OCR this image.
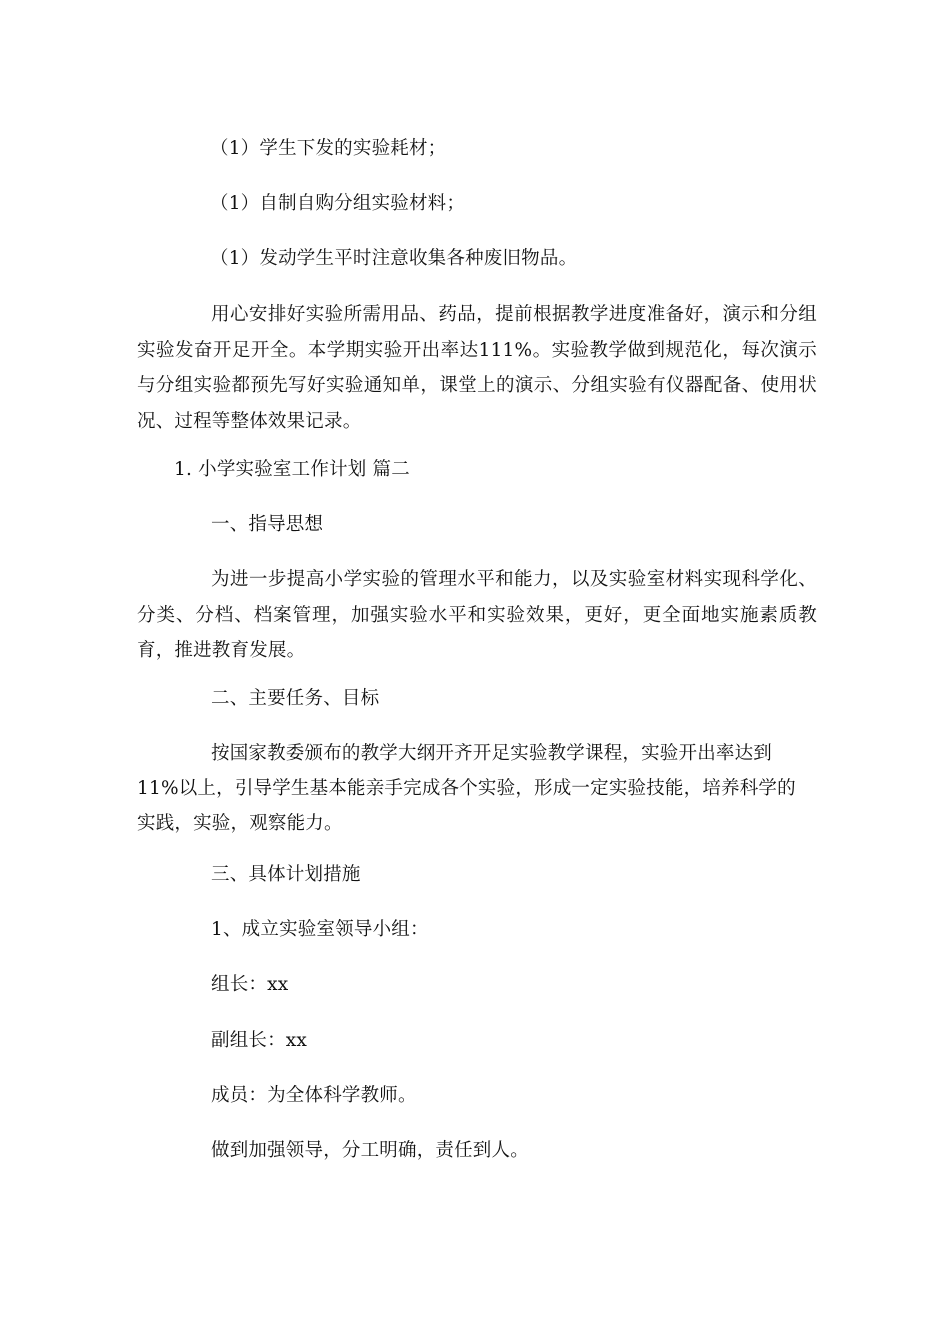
（1）学生下发的实验耗材；
（1）自制自购分组实验材料；
（1）发动学生平时注意收集各种废旧物品。
用心安排好实验所需用品、药品，提前根据教学进度准备好，演示和分组实验发奋开足开全。本学期实验开出率达111%。实验教学做到规范化，每次演示与分组实验都预先写好实验通知单，课堂上的演示、分组实验有仪器配备、使用状况、过程等整体效果记录。
1. 小学实验室工作计划 篇二
一、指导思想
为进一步提高小学实验的管理水平和能力，以及实验室材料实现科学化、分类、分档、档案管理，加强实验水平和实验效果，更好，更全面地实施素质教育，推进教育发展。
二、主要任务、目标
按国家教委颁布的教学大纲开齐开足实验教学课程，实验开出率达到
11%以上，引导学生基本能亲手完成各个实验，形成一定实验技能，培养科学的
实践，实验，观察能力。
三、具体计划措施
1、成立实验室领导小组：
组长：xx
副组长：xx
成员：为全体科学教师。
做到加强领导，分工明确，责任到人。
